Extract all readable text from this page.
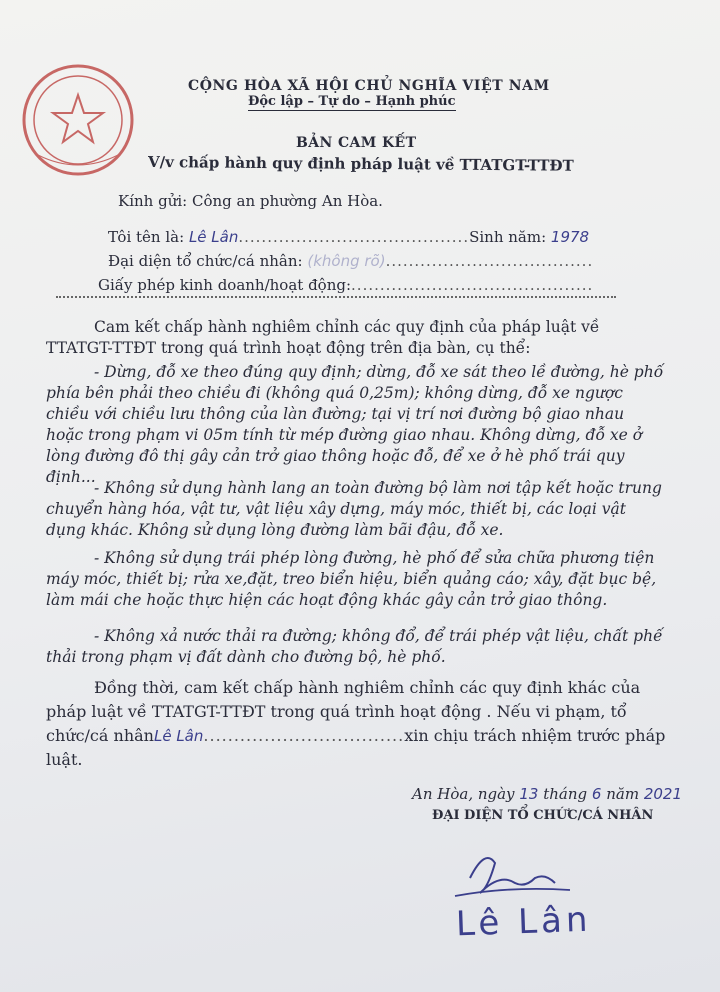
CỘNG HÒA XÃ HỘI CHỦ NGHĨA VIỆT NAM
Độc lập – Tự do – Hạnh phúc
BẢN CAM KẾT
V/v chấp hành quy định pháp luật về TTATGT-TTĐT
Kính gửi: Công an phường An Hòa.
Tôi tên là: Lê Lân........................................Sinh năm: 1978
Đại diện tổ chức/cá nhân: (không rõ)....................................
Giấy phép kinh doanh/hoạt động:..........................................
Cam kết chấp hành nghiêm chỉnh các quy định của pháp luật về TTATGT-TTĐT trong quá trình hoạt động trên địa bàn, cụ thể:
- Dừng, đỗ xe theo đúng quy định; dừng, đỗ xe sát theo lề đường, hè phố phía bên phải theo chiều đi (không quá 0,25m); không dừng, đỗ xe ngược chiều với chiều lưu thông của làn đường; tại vị trí nơi đường bộ giao nhau hoặc trong phạm vi 05m tính từ mép đường giao nhau. Không dừng, đỗ xe ở lòng đường đô thị gây cản trở giao thông hoặc đỗ, để xe ở hè phố trái quy định...
- Không sử dụng hành lang an toàn đường bộ làm nơi tập kết hoặc trung chuyển hàng hóa, vật tư, vật liệu xây dựng, máy móc, thiết bị, các loại vật dụng khác. Không sử dụng lòng đường làm bãi đậu, đỗ xe.
- Không sử dụng trái phép lòng đường, hè phố để sửa chữa phương tiện máy móc, thiết bị; rửa xe,đặt, treo biển hiệu, biển quảng cáo; xây, đặt bục bệ, làm mái che hoặc thực hiện các hoạt động khác gây cản trở giao thông.
- Không xả nước thải ra đường; không đổ, để trái phép vật liệu, chất phế thải trong phạm vị đất dành cho đường bộ, hè phố.
Đồng thời, cam kết chấp hành nghiêm chỉnh các quy định khác của pháp luật về TTATGT-TTĐT trong quá trình hoạt động . Nếu vi phạm, tổ chức/cá nhânLê Lân.................................xin chịu trách nhiệm trước pháp luật.
An Hòa, ngày 13 tháng 6 năm 2021
ĐẠI DIỆN TỔ CHỨC/CÁ NHÂN
Lê Lân
